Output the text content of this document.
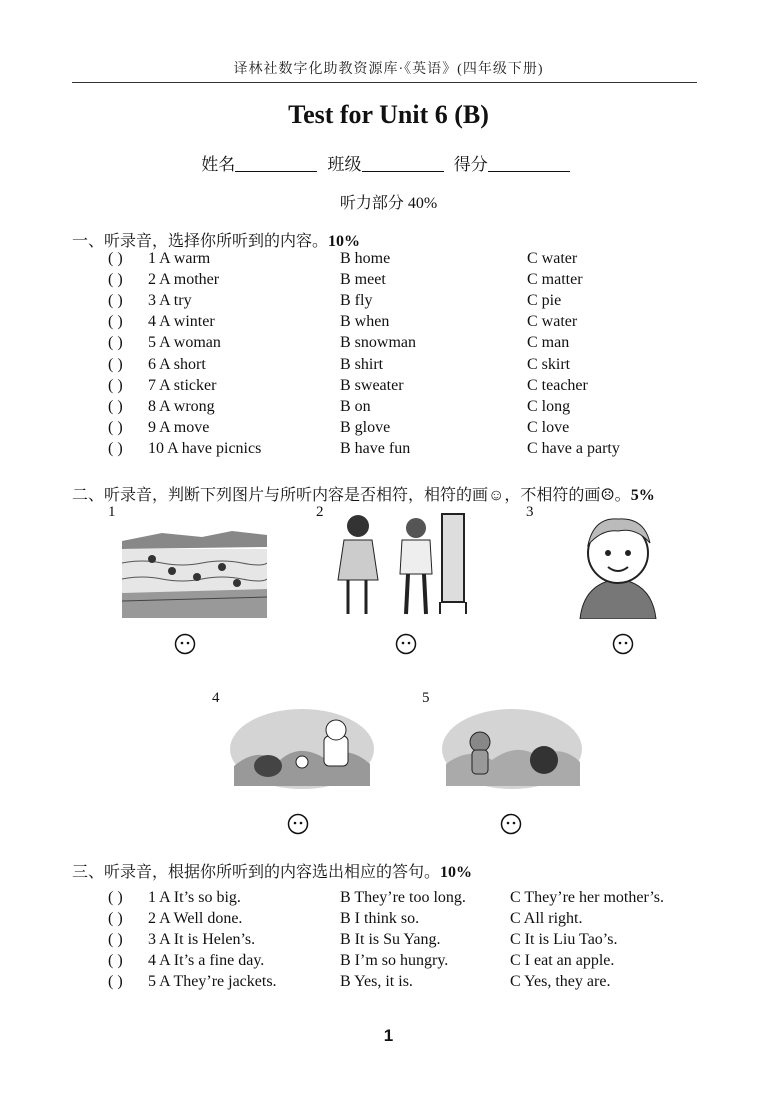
译林社数字化助教资源库·《英语》(四年级下册)
Test for Unit 6 (B)
姓名	班级	得分
听力部分 40%
一、听录音，选择你所听到的内容。10%
( ) 1 A warm	B home	C water
( ) 2 A mother	B meet	C matter
( ) 3 A try	B fly	C pie
( ) 4 A winter	B when	C water
( ) 5 A woman	B snowman	C man
( ) 6 A short	B shirt	C skirt
( ) 7 A sticker	B sweater	C teacher
( ) 8 A wrong	B on	C long
( ) 9 A move	B glove	C love
( ) 10 A have picnics	B have fun	C have a party
二、听录音，判断下列图片与所听内容是否相符，相符的画☺，不相符的画☹。5%
1	2	3
4	5
三、听录音，根据你所听到的内容选出相应的答句。10%
( ) 1 A It’s so big.	B They’re too long.	C They’re her mother’s.
( ) 2 A Well done.	B I think so.	C All right.
( ) 3 A It is Helen’s.	B It is Su Yang.	C It is Liu Tao’s.
( ) 4 A It’s a fine day.	B I’m so hungry.	C I eat an apple.
( ) 5 A They’re jackets.	B Yes, it is.	C Yes, they are.
1
